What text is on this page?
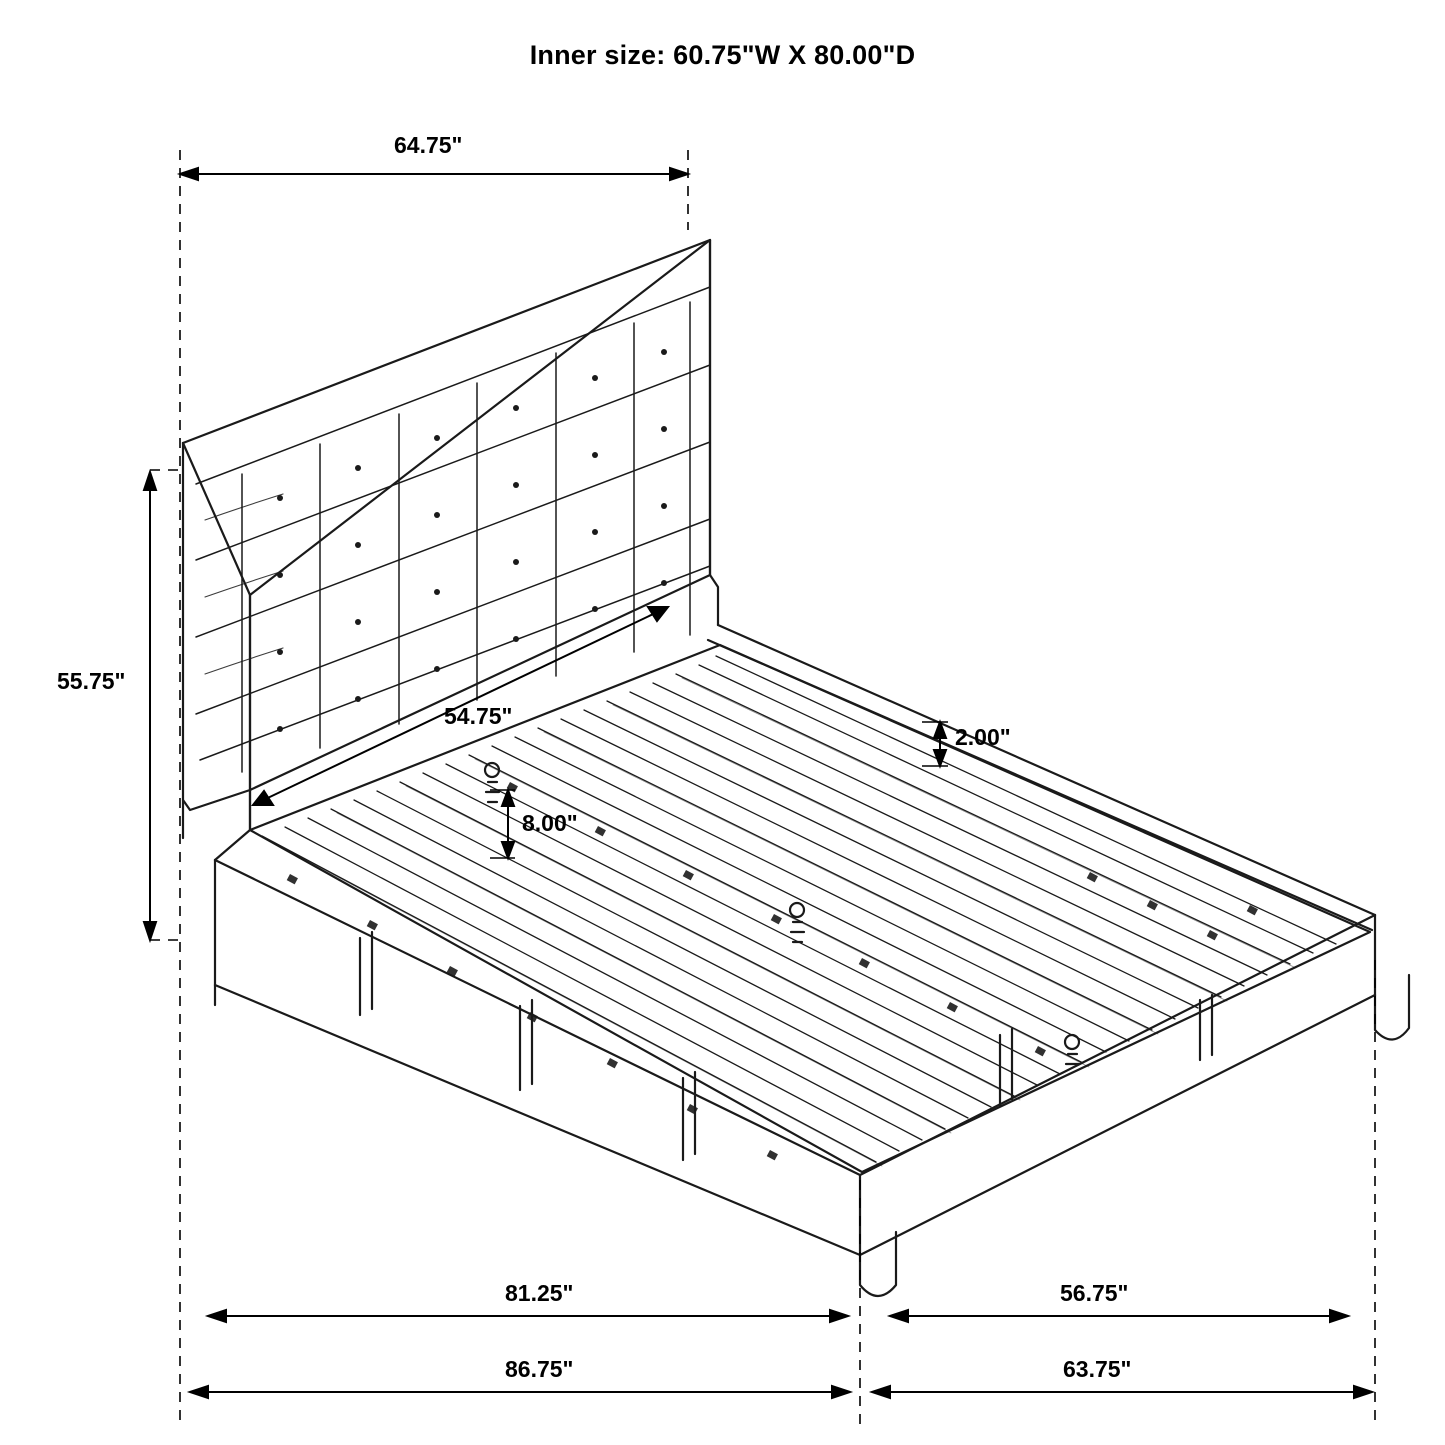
Inner size: 60.75"W X 80.00"D
64.75"
55.75"
54.75"
8.00"
2.00"
81.25"	56.75"
86.75"	63.75"
